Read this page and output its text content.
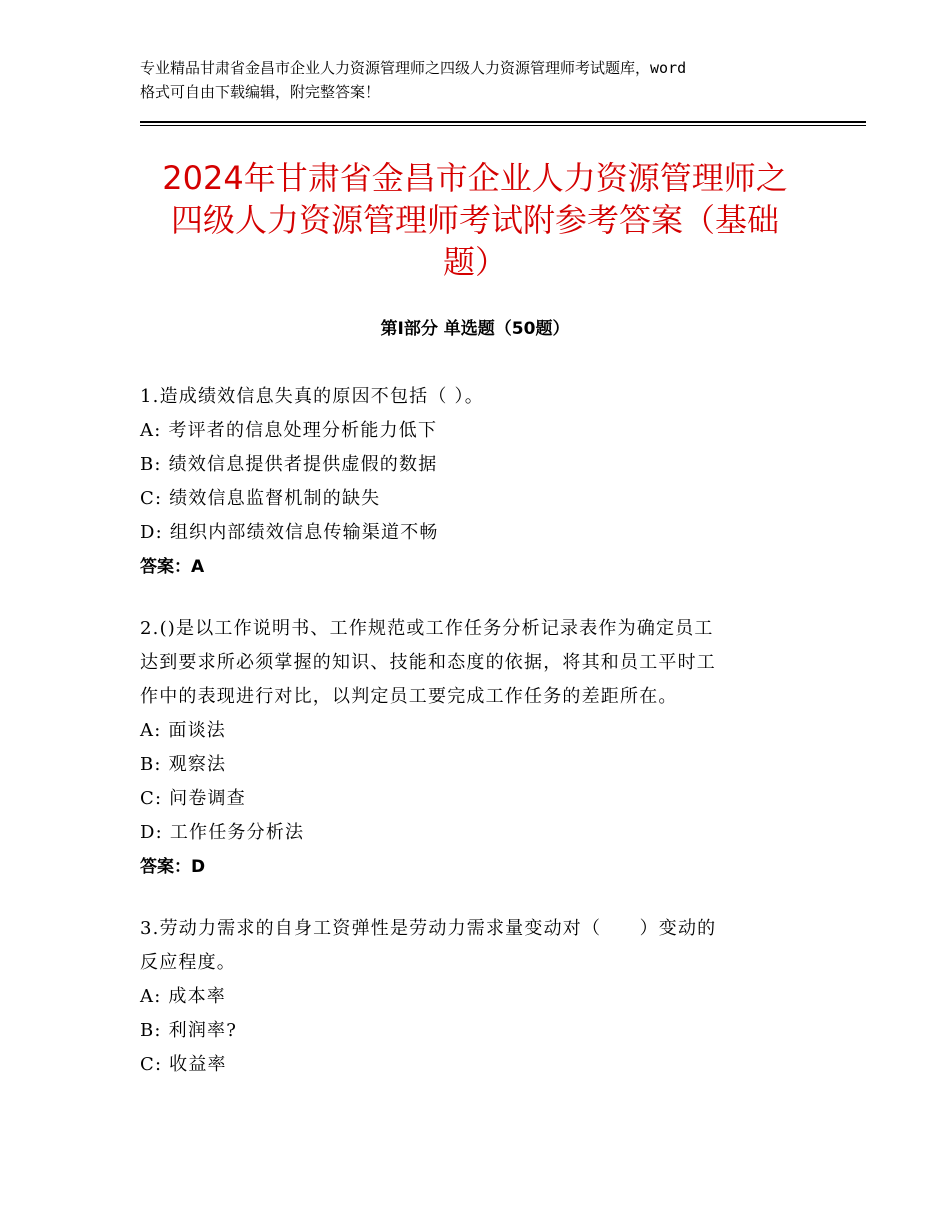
专业精品甘肃省金昌市企业人力资源管理师之四级人力资源管理师考试题库，word
格式可自由下载编辑，附完整答案！
2024年甘肃省金昌市企业人力资源管理师之
四级人力资源管理师考试附参考答案（基础
题）
第Ⅰ部分 单选题（50题）
1.造成绩效信息失真的原因不包括（ ）。
A: 考评者的信息处理分析能力低下
B: 绩效信息提供者提供虚假的数据
C: 绩效信息监督机制的缺失
D: 组织内部绩效信息传输渠道不畅
答案：A
2.()是以工作说明书、工作规范或工作任务分析记录表作为确定员工
达到要求所必须掌握的知识、技能和态度的依据，将其和员工平时工
作中的表现进行对比，以判定员工要完成工作任务的差距所在。
A: 面谈法
B: 观察法
C: 问卷调查
D: 工作任务分析法
答案：D
3.劳动力需求的自身工资弹性是劳动力需求量变动对（　　）变动的
反应程度。
A: 成本率
B: 利润率?
C: 收益率
